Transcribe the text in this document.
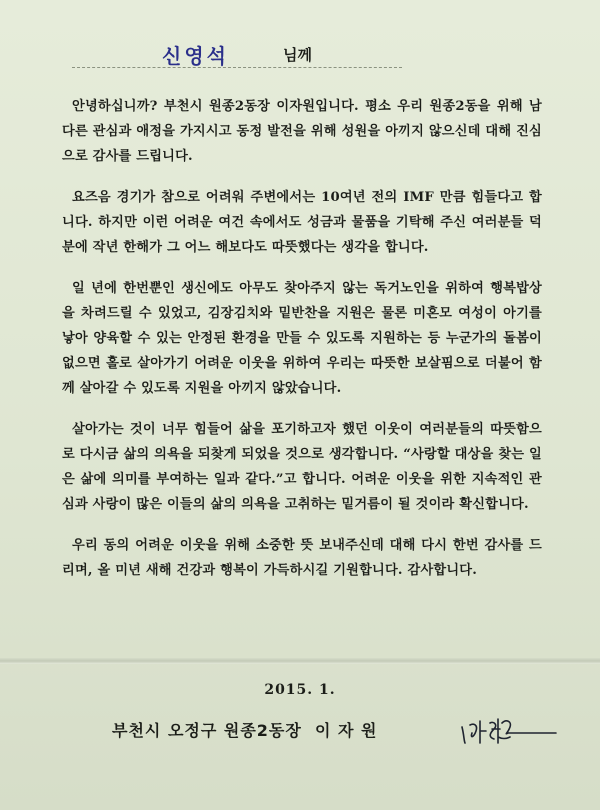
신영석	님께

안녕하십니까? 부천시 원종2동장 이자원입니다. 평소 우리 원종2동을 위해 남다른 관심과 애정을 가지시고 동정 발전을 위해 성원을 아끼지 않으신데 대해 진심으로 감사를 드립니다.

요즈음 경기가 참으로 어려워 주변에서는 10여년 전의 IMF 만큼 힘들다고 합니다. 하지만 이런 어려운 여건 속에서도 성금과 물품을 기탁해 주신 여러분들 덕분에 작년 한해가 그 어느 해보다도 따뜻했다는 생각을 합니다.

일 년에 한번뿐인 생신에도 아무도 찾아주지 않는 독거노인을 위하여 행복밥상을 차려드릴 수 있었고, 김장김치와 밑반찬을 지원은 물론 미혼모 여성이 아기를 낳아 양육할 수 있는 안정된 환경을 만들 수 있도록 지원하는 등 누군가의 돌봄이 없으면 홀로 살아가기 어려운 이웃을 위하여 우리는 따뜻한 보살핌으로 더불어 함께 살아갈 수 있도록 지원을 아끼지 않았습니다.

살아가는 것이 너무 힘들어 삶을 포기하고자 했던 이웃이 여러분들의 따뜻함으로 다시금 삶의 의욕을 되찾게 되었을 것으로 생각합니다. “사랑할 대상을 찾는 일은 삶에 의미를 부여하는 일과 같다.”고 합니다. 어려운 이웃을 위한 지속적인 관심과 사랑이 많은 이들의 삶의 의욕을 고취하는 밑거름이 될 것이라 확신합니다.

우리 동의 어려운 이웃을 위해 소중한 뜻 보내주신데 대해 다시 한번 감사를 드리며, 올 미년 새해 건강과 행복이 가득하시길 기원합니다. 감사합니다.

2015. 1.
부천시 오정구 원종2동장  이 자 원
